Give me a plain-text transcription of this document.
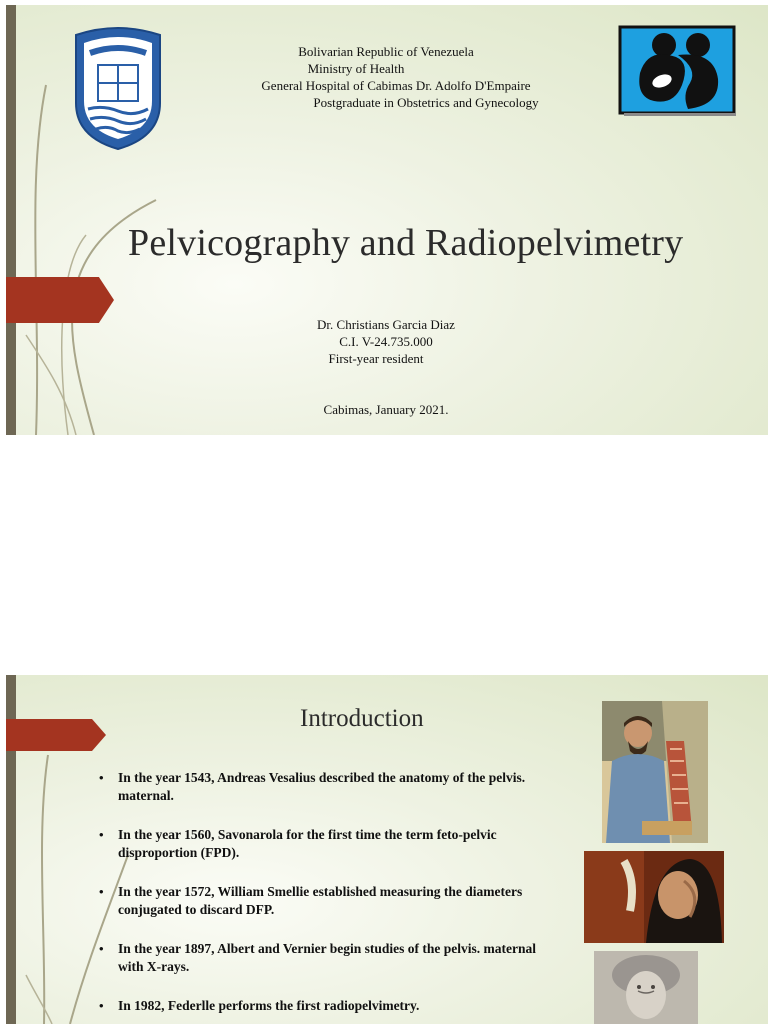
Bolivarian Republic of Venezuela
Ministry of Health
General Hospital of Cabimas Dr. Adolfo D'Empaire
Postgraduate in Obstetrics and Gynecology
Pelvicography and Radiopelvimetry
Dr. Christians Garcia Diaz
C.I. V-24.735.000
First-year resident
Cabimas, January 2021.
Introduction
• In the year 1543, Andreas Vesalius described the anatomy of the pelvis. maternal.
• In the year 1560, Savonarola for the first time the term feto-pelvic disproportion (FPD).
• In the year 1572, William Smellie established measuring the diameters conjugated to discard DFP.
• In the year 1897, Albert and Vernier begin studies of the pelvis. maternal with X-rays.
• In 1982, Federlle performs the first radiopelvimetry.
